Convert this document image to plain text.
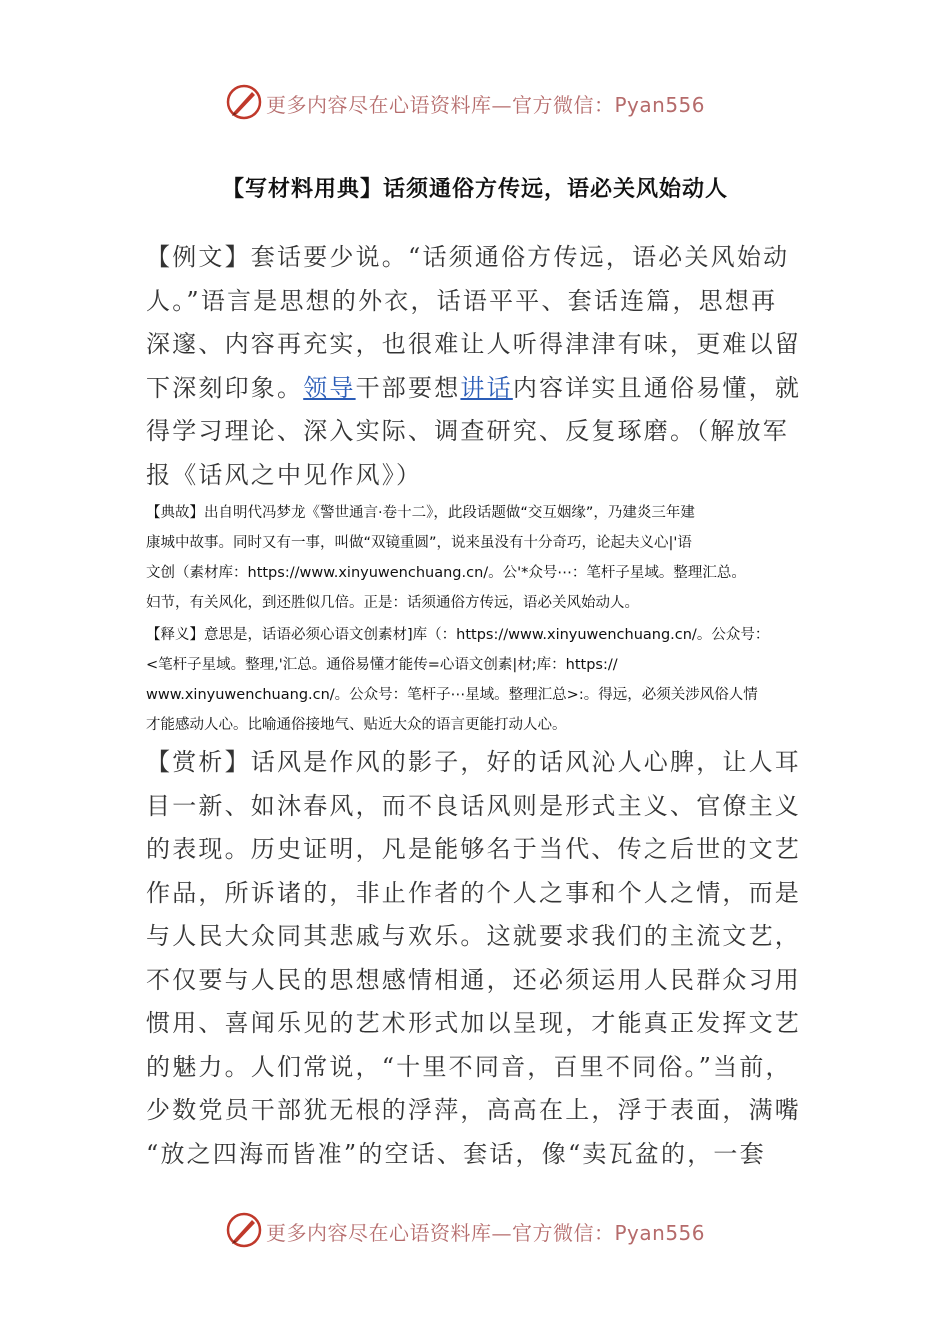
更多内容尽在心语资料库—官方微信：Pyan556
【写材料用典】话须通俗方传远，语必关风始动人
【例文】套话要少说。“话须通俗方传远，语必关风始动
人。”语言是思想的外衣，话语平平、套话连篇，思想再
深邃、内容再充实，也很难让人听得津津有味，更难以留
下深刻印象。领导干部要想讲话内容详实且通俗易懂，就
得学习理论、深入实际、调查研究、反复琢磨。（解放军
报《话风之中见作风》）
【典故】出自明代冯梦龙《警世通言·卷十二》，此段话题做“交互姻缘”，乃建炎三年建
康城中故事。同时又有一事，叫做“双镜重圆”，说来虽没有十分奇巧，论起夫义心|'语
文创（素材库：https://www.xinyuwenchuang.cn/。公'*众号⋯：笔杆子星域。整理汇总。
妇节，有关风化，到还胜似几倍。正是：话须通俗方传远，语必关风始动人。
【释义】意思是，话语必须心语文创素材]库（：https://www.xinyuwenchuang.cn/。公众号：
<笔杆子星域。整理,'汇总。通俗易懂才能传=心语文创素|材;库：https://
www.xinyuwenchuang.cn/。公众号：笔杆子⋯星域。整理汇总>:。得远，必须关涉风俗人情
才能感动人心。比喻通俗接地气、贴近大众的语言更能打动人心。
【赏析】话风是作风的影子，好的话风沁人心脾，让人耳
目一新、如沐春风，而不良话风则是形式主义、官僚主义
的表现。历史证明，凡是能够名于当代、传之后世的文艺
作品，所诉诸的，非止作者的个人之事和个人之情，而是
与人民大众同其悲戚与欢乐。这就要求我们的主流文艺，
不仅要与人民的思想感情相通，还必须运用人民群众习用
惯用、喜闻乐见的艺术形式加以呈现，才能真正发挥文艺
的魅力。人们常说，“十里不同音，百里不同俗。”当前，
少数党员干部犹无根的浮萍，高高在上，浮于表面，满嘴
“放之四海而皆准”的空话、套话，像“卖瓦盆的，一套
更多内容尽在心语资料库—官方微信：Pyan556
